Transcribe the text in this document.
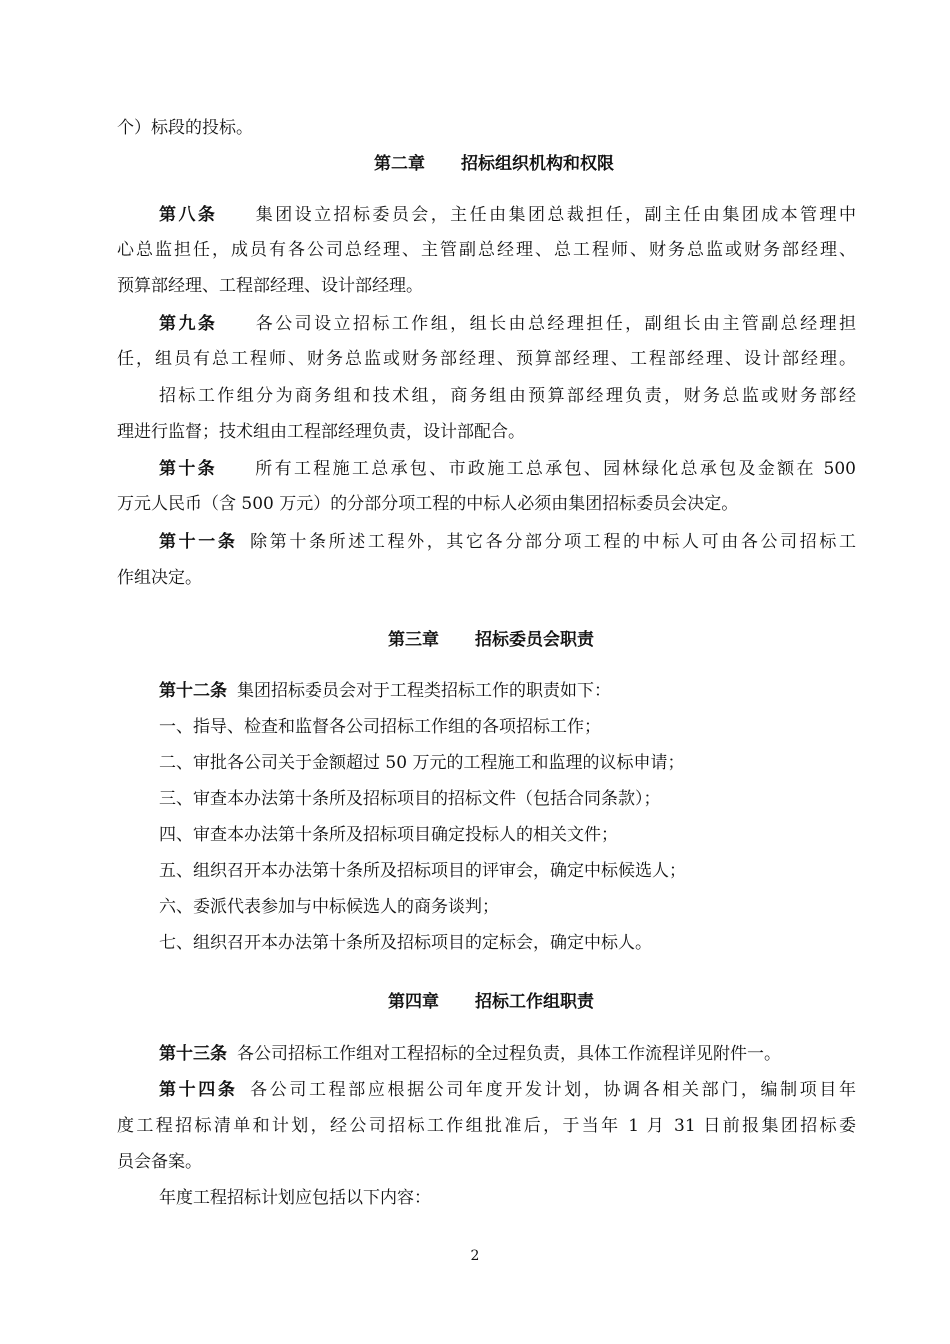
个）标段的投标。
第二章 招标组织机构和权限
第八条 集团设立招标委员会，主任由集团总裁担任，副主任由集团成本管理中
心总监担任，成员有各公司总经理、主管副总经理、总工程师、财务总监或财务部经理、
预算部经理、工程部经理、设计部经理。
第九条 各公司设立招标工作组，组长由总经理担任，副组长由主管副总经理担
任，组员有总工程师、财务总监或财务部经理、预算部经理、工程部经理、设计部经理。
招标工作组分为商务组和技术组，商务组由预算部经理负责，财务总监或财务部经
理进行监督；技术组由工程部经理负责，设计部配合。
第十条 所有工程施工总承包、市政施工总承包、园林绿化总承包及金额在 500
万元人民币（含 500 万元）的分部分项工程的中标人必须由集团招标委员会决定。
第十一条 除第十条所述工程外，其它各分部分项工程的中标人可由各公司招标工
作组决定。
第三章 招标委员会职责
第十二条 集团招标委员会对于工程类招标工作的职责如下：
一、指导、检查和监督各公司招标工作组的各项招标工作；
二、审批各公司关于金额超过 50 万元的工程施工和监理的议标申请；
三、审查本办法第十条所及招标项目的招标文件（包括合同条款）；
四、审查本办法第十条所及招标项目确定投标人的相关文件；
五、组织召开本办法第十条所及招标项目的评审会，确定中标候选人；
六、委派代表参加与中标候选人的商务谈判；
七、组织召开本办法第十条所及招标项目的定标会，确定中标人。
第四章 招标工作组职责
第十三条 各公司招标工作组对工程招标的全过程负责，具体工作流程详见附件一。
第十四条 各公司工程部应根据公司年度开发计划，协调各相关部门，编制项目年
度工程招标清单和计划，经公司招标工作组批准后，于当年 1 月 31 日前报集团招标委
员会备案。
年度工程招标计划应包括以下内容：
2
